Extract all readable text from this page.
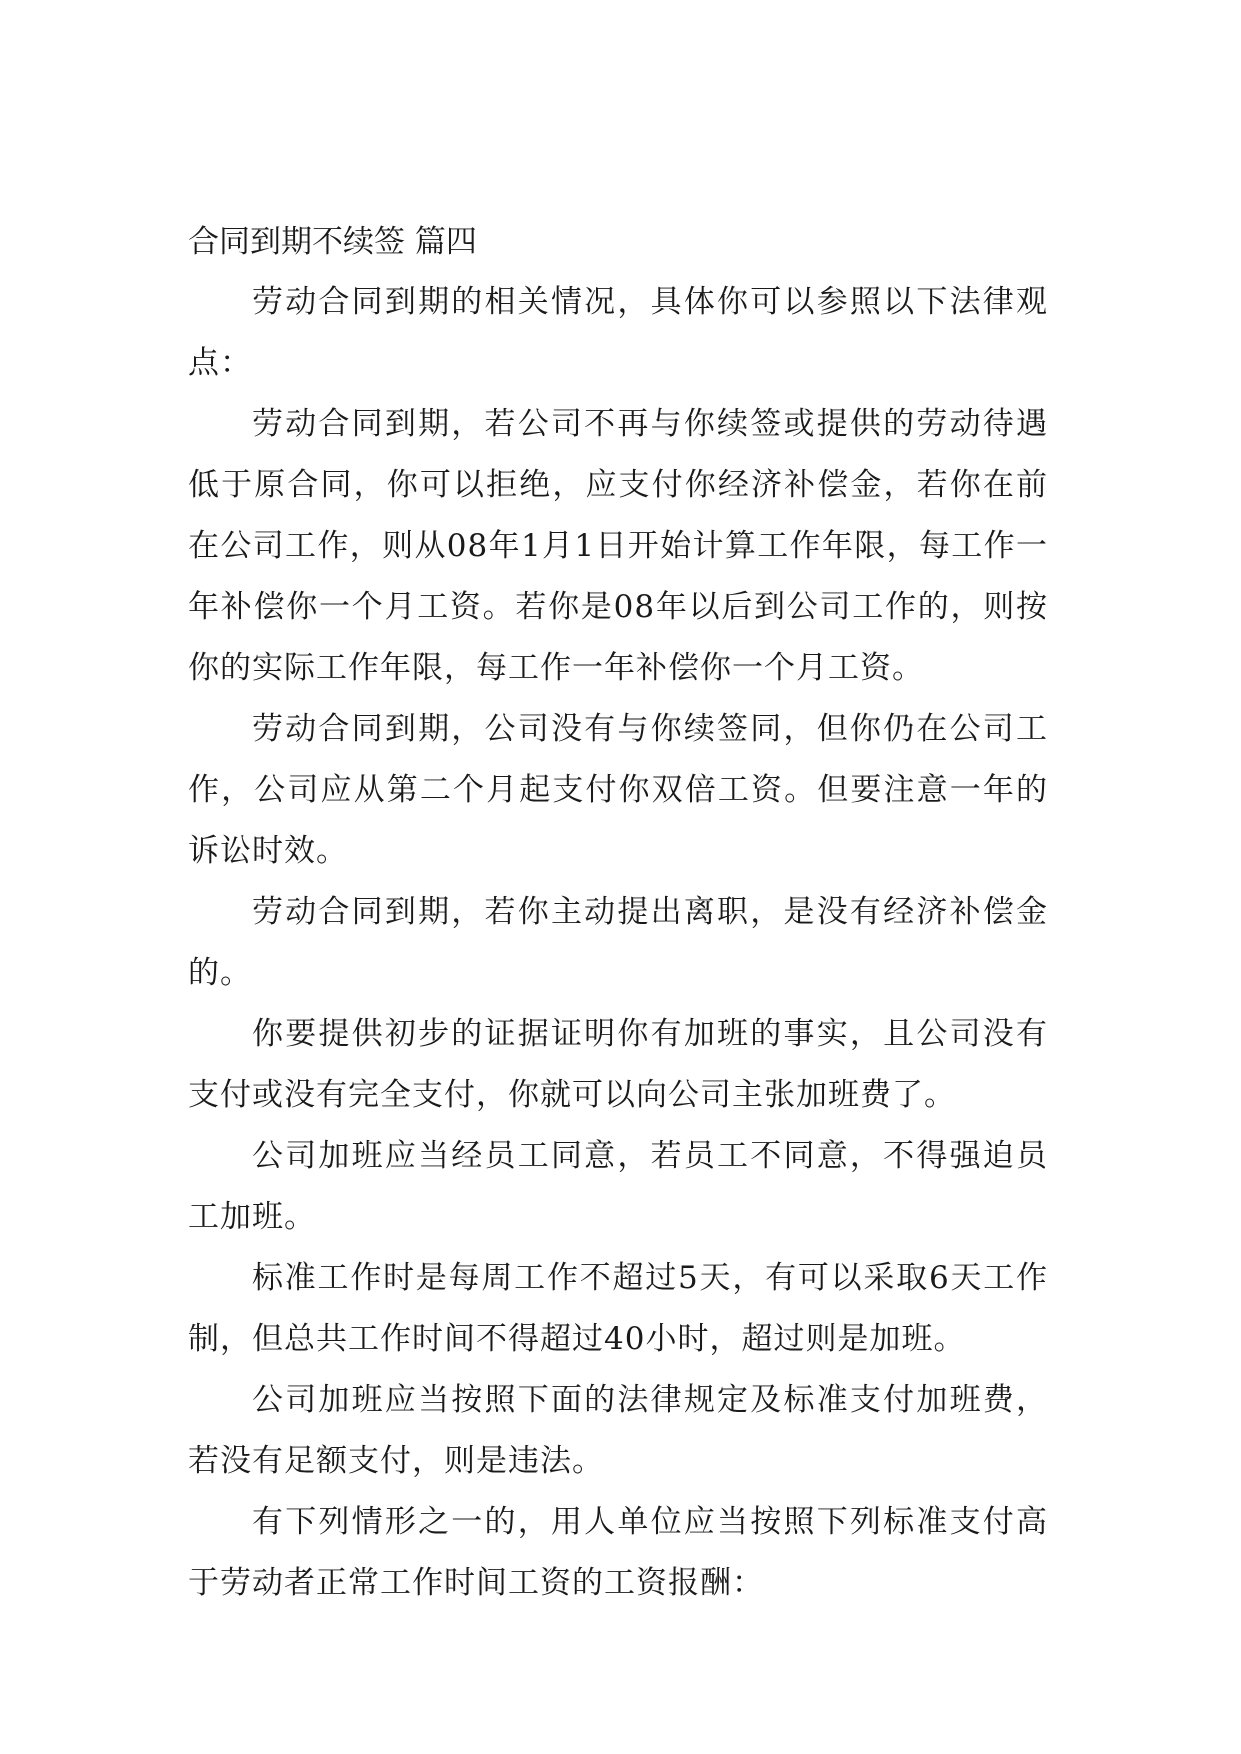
合同到期不续签 篇四

劳动合同到期的相关情况，具体你可以参照以下法律观点：

劳动合同到期，若公司不再与你续签或提供的劳动待遇低于原合同，你可以拒绝，应支付你经济补偿金，若你在前在公司工作，则从08年1月1日开始计算工作年限，每工作一年补偿你一个月工资。若你是08年以后到公司工作的，则按你的实际工作年限，每工作一年补偿你一个月工资。

劳动合同到期，公司没有与你续签同，但你仍在公司工作，公司应从第二个月起支付你双倍工资。但要注意一年的诉讼时效。

劳动合同到期，若你主动提出离职，是没有经济补偿金的。

你要提供初步的证据证明你有加班的事实，且公司没有支付或没有完全支付，你就可以向公司主张加班费了。

公司加班应当经员工同意，若员工不同意，不得强迫员工加班。

标准工作时是每周工作不超过5天，有可以采取6天工作制，但总共工作时间不得超过40小时，超过则是加班。

公司加班应当按照下面的法律规定及标准支付加班费，若没有足额支付，则是违法。

有下列情形之一的，用人单位应当按照下列标准支付高于劳动者正常工作时间工资的工资报酬：
